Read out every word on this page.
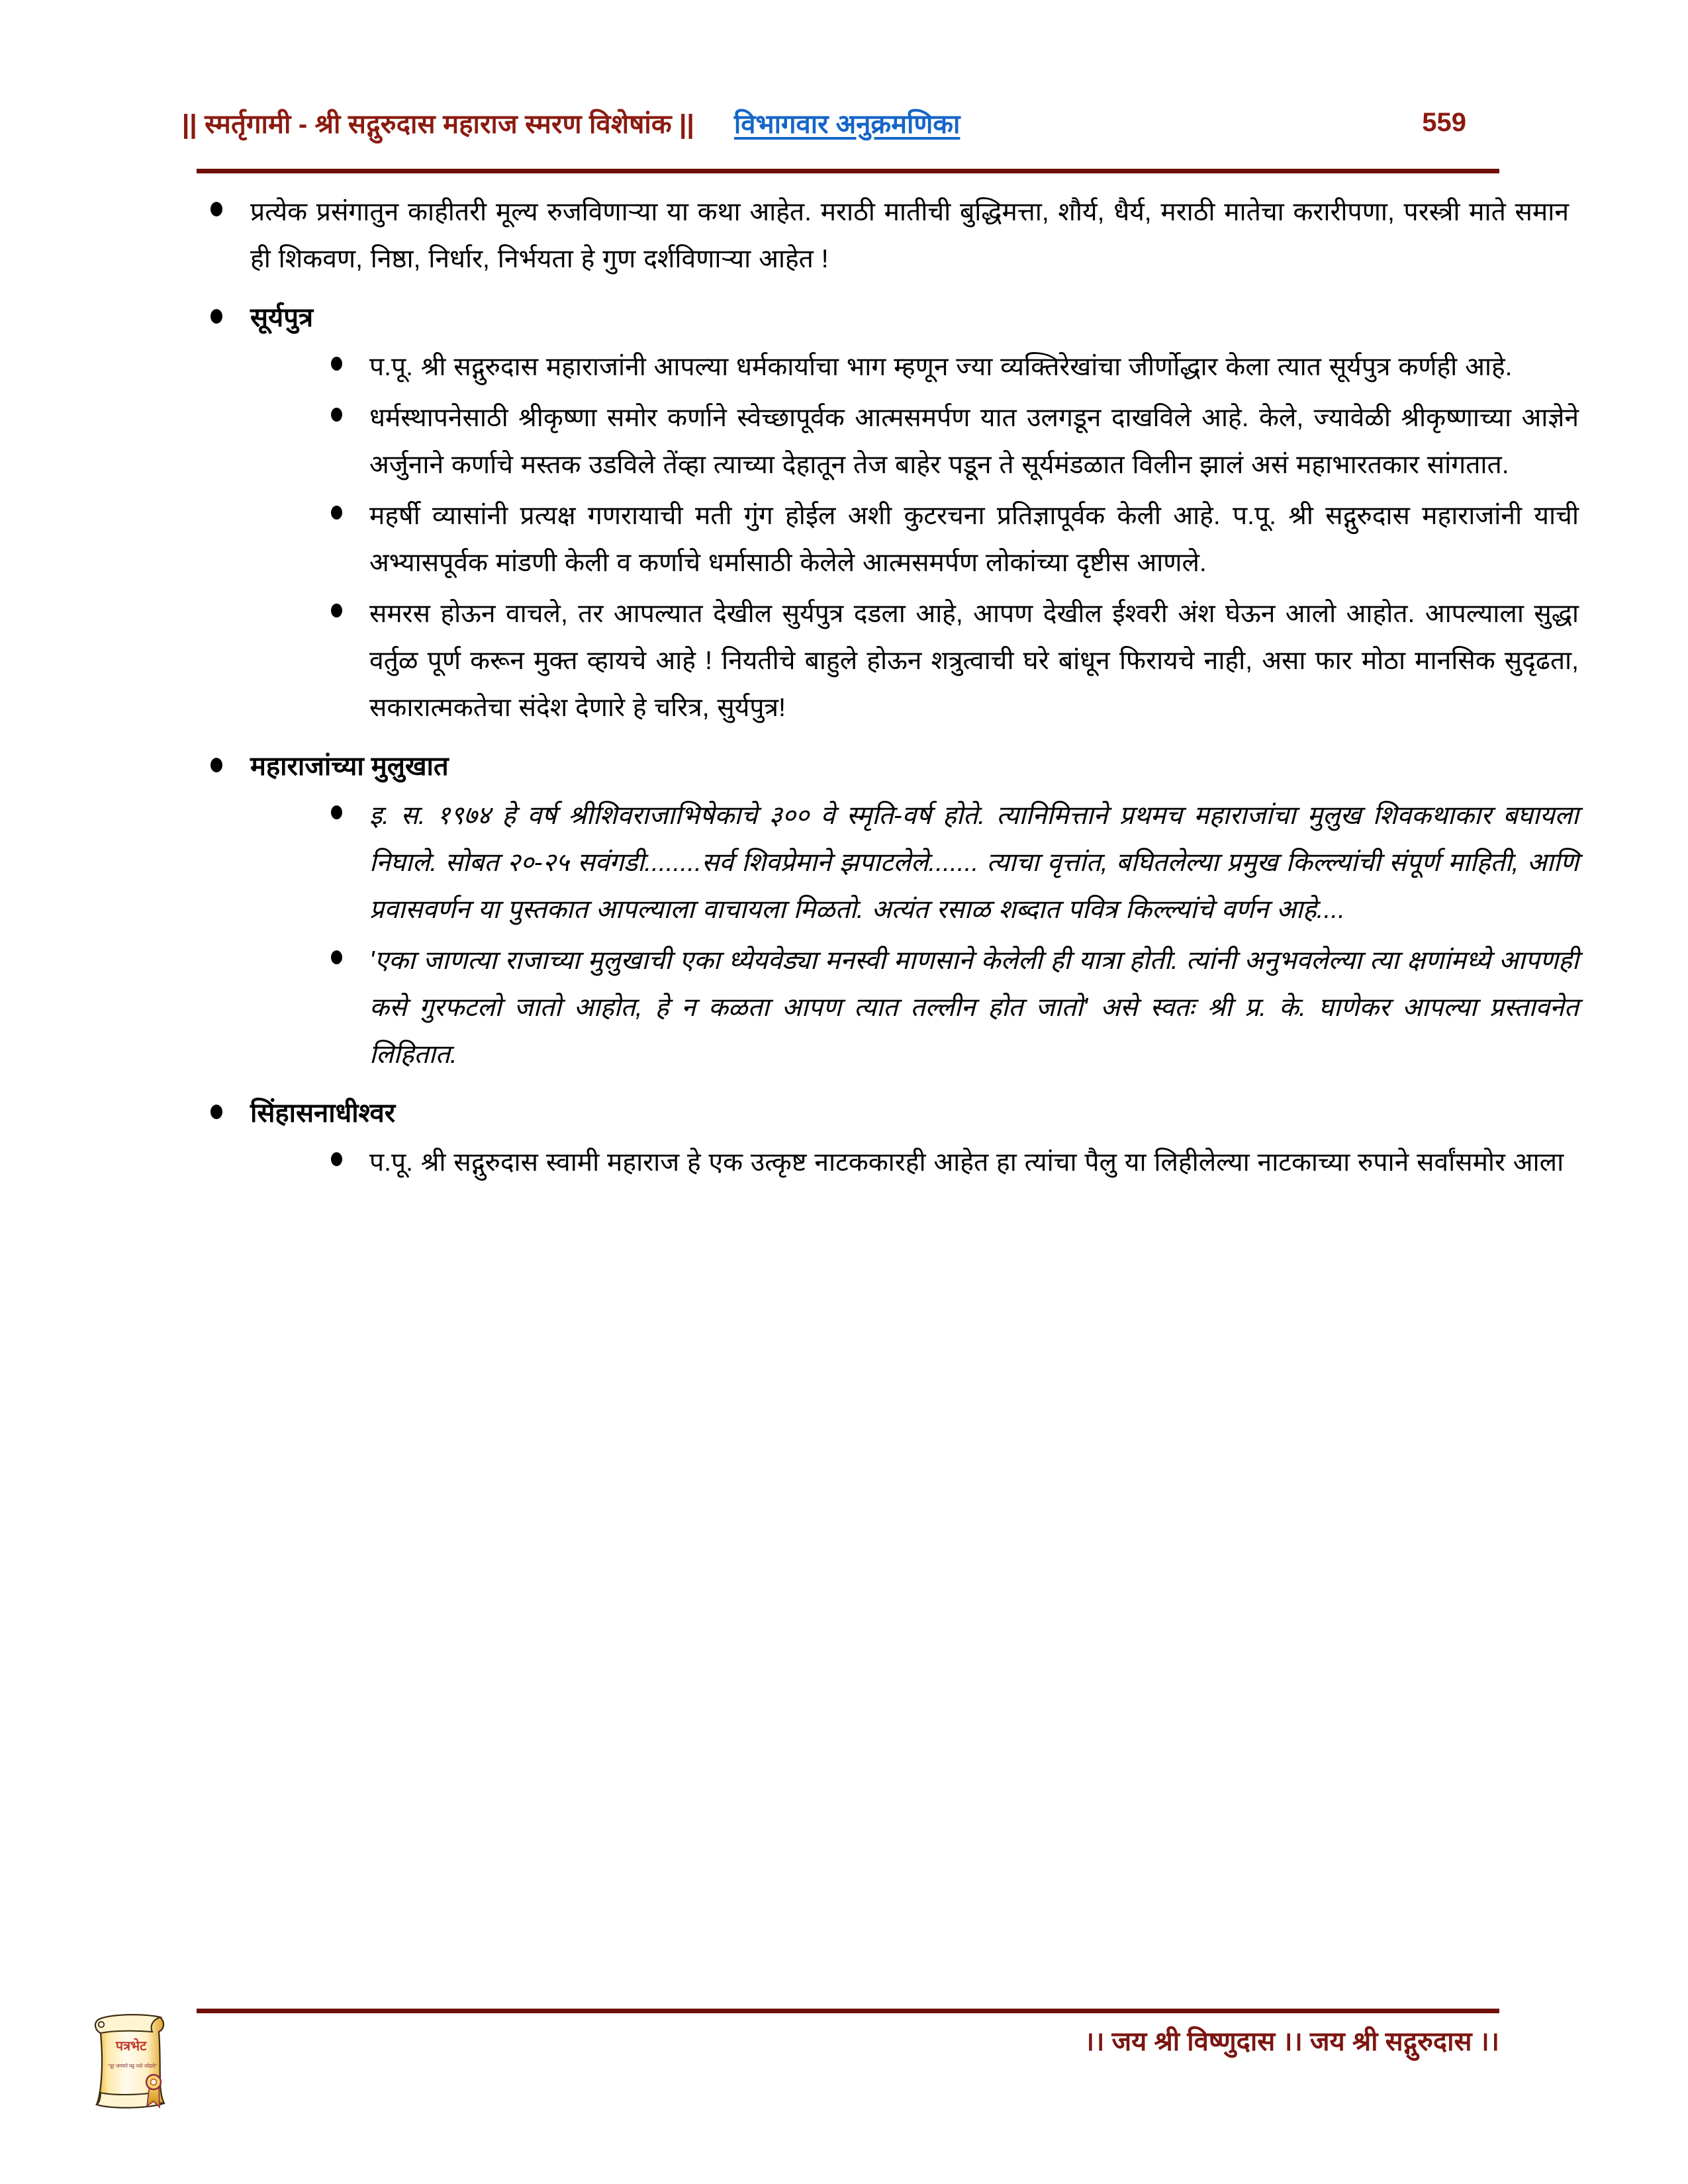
|| स्मर्तृगामी - श्री सद्गुरुदास महाराज स्मरण विशेषांक || विभागवार अनुक्रमणिका	559
प्रत्येक प्रसंगातुन काहीतरी मूल्य रुजविणाऱ्या या कथा आहेत. मराठी मातीची बुद्धिमत्ता, शौर्य, धैर्य, मराठी मातेचा करारीपणा, परस्त्री माते समान ही शिकवण, निष्ठा, निर्धार, निर्भयता हे गुण दर्शविणाऱ्या आहेत !
सूर्यपुत्र
प.पू. श्री सद्गुरुदास महाराजांनी आपल्या धर्मकार्याचा भाग म्हणून ज्या व्यक्तिरेखांचा जीर्णोद्धार केला त्यात सूर्यपुत्र कर्णही आहे.
धर्मस्थापनेसाठी श्रीकृष्णा समोर कर्णाने स्वेच्छापूर्वक आत्मसमर्पण यात उलगडून दाखविले आहे. केले, ज्यावेळी श्रीकृष्णाच्या आज्ञेने अर्जुनाने कर्णाचे मस्तक उडविले तेंव्हा त्याच्या देहातून तेज बाहेर पडून ते सूर्यमंडळात विलीन झालं असं महाभारतकार सांगतात.
महर्षी व्यासांनी प्रत्यक्ष गणरायाची मती गुंग होईल अशी कुटरचना प्रतिज्ञापूर्वक केली आहे. प.पू. श्री सद्गुरुदास महाराजांनी याची अभ्यासपूर्वक मांडणी केली व कर्णाचे धर्मासाठी केलेले आत्मसमर्पण लोकांच्या दृष्टीस आणले.
समरस होऊन वाचले, तर आपल्यात देखील सुर्यपुत्र दडला आहे, आपण देखील ईश्वरी अंश घेऊन आलो आहोत. आपल्याला सुद्धा वर्तुळ पूर्ण करून मुक्त व्हायचे आहे ! नियतीचे बाहुले होऊन शत्रुत्वाची घरे बांधून फिरायचे नाही, असा फार मोठा मानसिक सुदृढता, सकारात्मकतेचा संदेश देणारे हे चरित्र, सुर्यपुत्र!
महाराजांच्या मुलुखात
इ. स. १९७४ हे वर्ष श्रीशिवराजाभिषेकाचे ३०० वे स्मृति-वर्ष होते. त्यानिमित्ताने प्रथमच महाराजांचा मुलुख शिवकथाकार बघायला निघाले. सोबत २०-२५ सवंगडी........सर्व शिवप्रेमाने झपाटलेले....... त्याचा वृत्तांत, बघितलेल्या प्रमुख किल्ल्यांची संपूर्ण माहिती, आणि प्रवासवर्णन या पुस्तकात आपल्याला वाचायला मिळतो. अत्यंत रसाळ शब्दात पवित्र किल्ल्यांचे वर्णन आहे....
'एका जाणत्या राजाच्या मुलुखाची एका ध्येयवेड्या मनस्वी माणसाने केलेली ही यात्रा होती. त्यांनी अनुभवलेल्या त्या क्षणांमध्ये आपणही कसे गुरफटलो जातो आहोत, हे न कळता आपण त्यात तल्लीन होत जातो' असे स्वतः श्री प्र. के. घाणेकर आपल्या प्रस्तावनेत लिहितात.
सिंहासनाधीश्वर
प.पू. श्री सद्गुरुदास स्वामी महाराज हे एक उत्कृष्ट नाटककारही आहेत हा त्यांचा पैलु या लिहीलेल्या नाटकाच्या रुपाने सर्वांसमोर आला
।। जय श्री विष्णुदास ।। जय श्री सद्गुरुदास ।।
पत्रभेट
"दूर जाणारे घट्ट नाते जोडारे"
